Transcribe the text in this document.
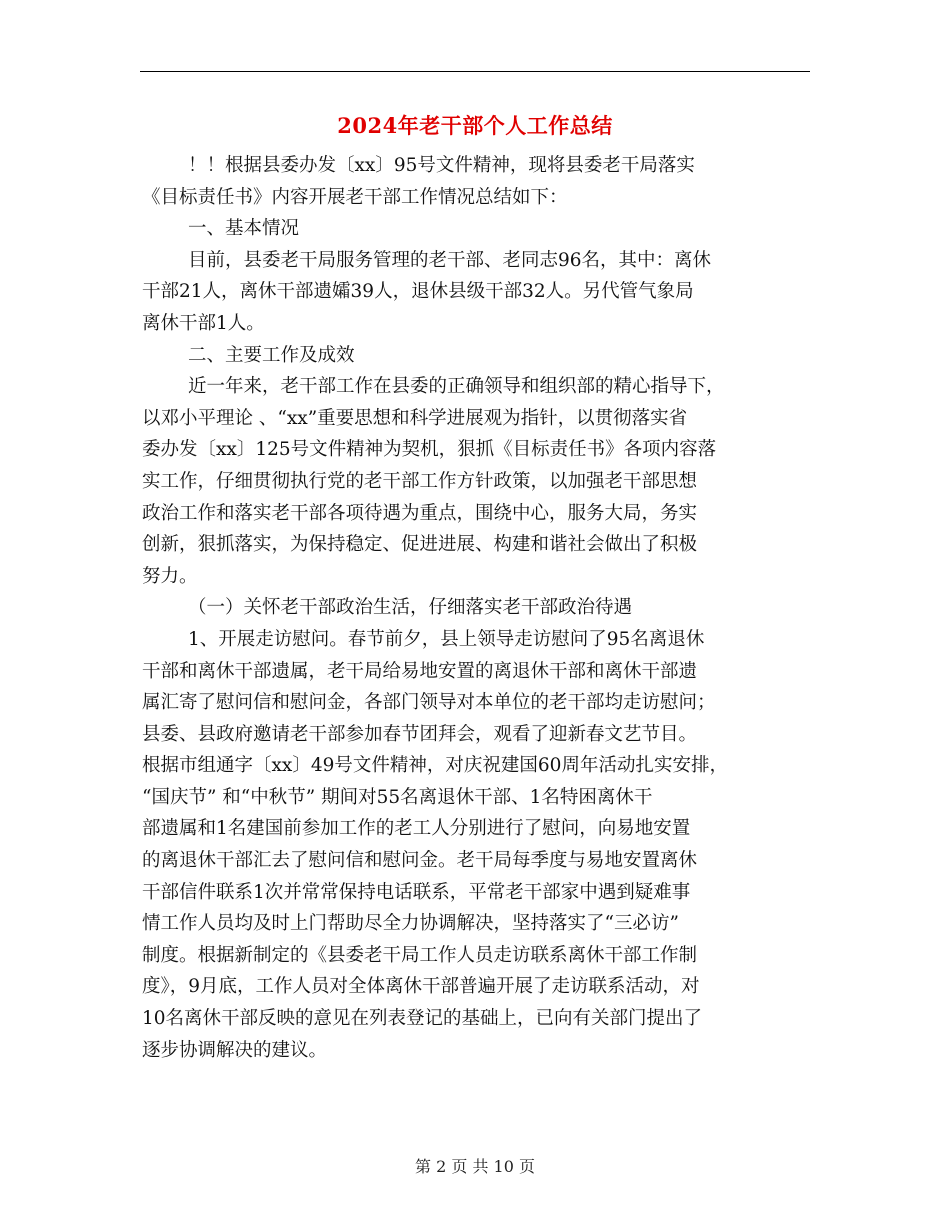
2024年老干部个人工作总结
！！根据县委办发〔xx〕95号文件精神，现将县委老干局落实
《目标责任书》内容开展老干部工作情况总结如下：
一、基本情况
目前，县委老干局服务管理的老干部、老同志96名，其中：离休
干部21人，离休干部遗孀39人，退休县级干部32人。另代管气象局
离休干部1人。
二、主要工作及成效
近一年来，老干部工作在县委的正确领导和组织部的精心指导下，
以邓小平理论 、“xx”重要思想和科学进展观为指针，以贯彻落实省
委办发〔xx〕125号文件精神为契机，狠抓《目标责任书》各项内容落
实工作，仔细贯彻执行党的老干部工作方针政策，以加强老干部思想
政治工作和落实老干部各项待遇为重点，围绕中心，服务大局，务实
创新，狠抓落实，为保持稳定、促进进展、构建和谐社会做出了积极
努力。
（一）关怀老干部政治生活，仔细落实老干部政治待遇
1、开展走访慰问。春节前夕，县上领导走访慰问了95名离退休
干部和离休干部遗属，老干局给易地安置的离退休干部和离休干部遗
属汇寄了慰问信和慰问金，各部门领导对本单位的老干部均走访慰问；
县委、县政府邀请老干部参加春节团拜会，观看了迎新春文艺节目。
根据市组通字〔xx〕49号文件精神，对庆祝建国60周年活动扎实安排，
“国庆节” 和“中秋节” 期间对55名离退休干部、1名特困离休干
部遗属和1名建国前参加工作的老工人分别进行了慰问，向易地安置
的离退休干部汇去了慰问信和慰问金。老干局每季度与易地安置离休
干部信件联系1次并常常保持电话联系，平常老干部家中遇到疑难事
情工作人员均及时上门帮助尽全力协调解决，坚持落实了“三必访”
制度。根据新制定的《县委老干局工作人员走访联系离休干部工作制
度》，9月底，工作人员对全体离休干部普遍开展了走访联系活动，对
10名离休干部反映的意见在列表登记的基础上，已向有关部门提出了
逐步协调解决的建议。
第 2 页 共 10 页
